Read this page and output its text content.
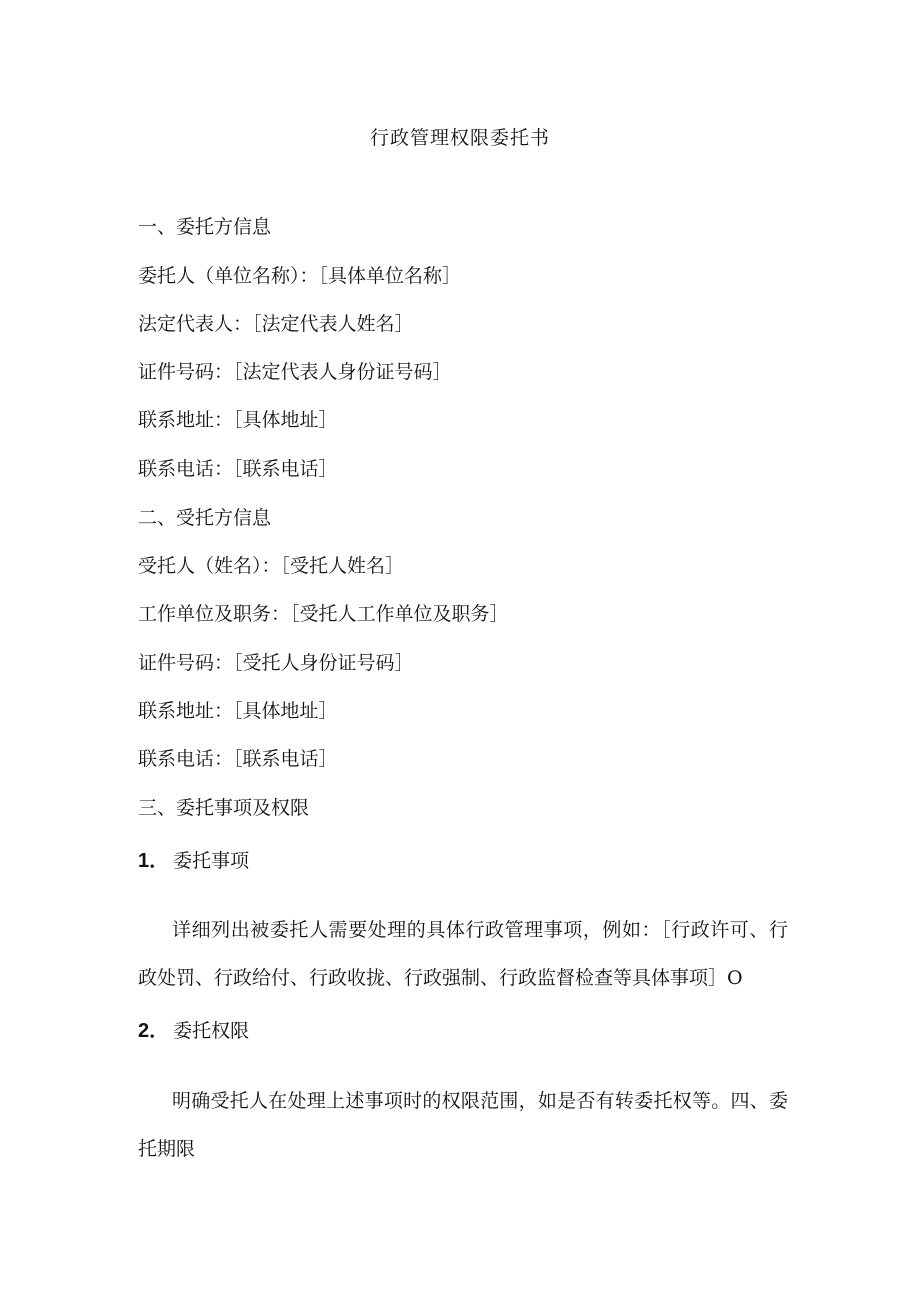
行政管理权限委托书
一、委托方信息
委托人（单位名称）：［具体单位名称］
法定代表人：［法定代表人姓名］
证件号码：［法定代表人身份证号码］
联系地址：［具体地址］
联系电话：［联系电话］
二、受托方信息
受托人（姓名）：［受托人姓名］
工作单位及职务：［受托人工作单位及职务］
证件号码：［受托人身份证号码］
联系地址：［具体地址］
联系电话：［联系电话］
三、委托事项及权限
1． 委托事项
详细列出被委托人需要处理的具体行政管理事项，例如：［行政许可、行政处罚、行政给付、行政收拢、行政强制、行政监督检查等具体事项］O
2． 委托权限
明确受托人在处理上述事项时的权限范围，如是否有转委托权等。四、委托期限
